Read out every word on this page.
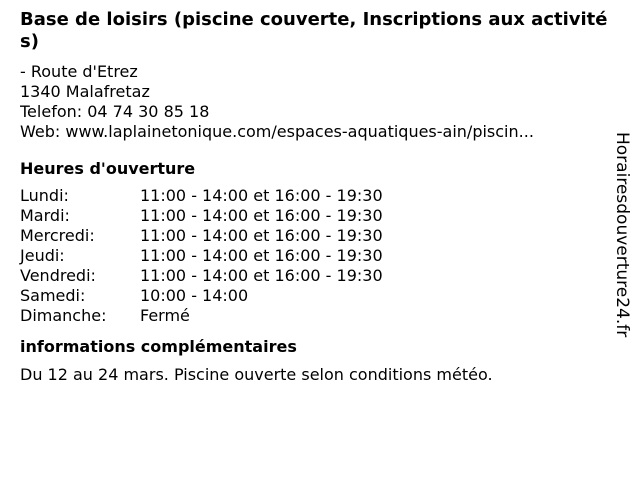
Base de loisirs (piscine couverte, Inscriptions aux activités)
- Route d'Etrez
1340 Malafretaz
Telefon: 04 74 30 85 18
Web: www.laplainetonique.com/espaces-aquatiques-ain/piscin...
Heures d'ouverture
Lundi:	11:00 - 14:00 et 16:00 - 19:30
Mardi:	11:00 - 14:00 et 16:00 - 19:30
Mercredi:	11:00 - 14:00 et 16:00 - 19:30
Jeudi:	11:00 - 14:00 et 16:00 - 19:30
Vendredi:	11:00 - 14:00 et 16:00 - 19:30
Samedi:	10:00 - 14:00
Dimanche:	Fermé
informations complémentaires
Du 12 au 24 mars. Piscine ouverte selon conditions météo.
Horairesdouverture24.fr
